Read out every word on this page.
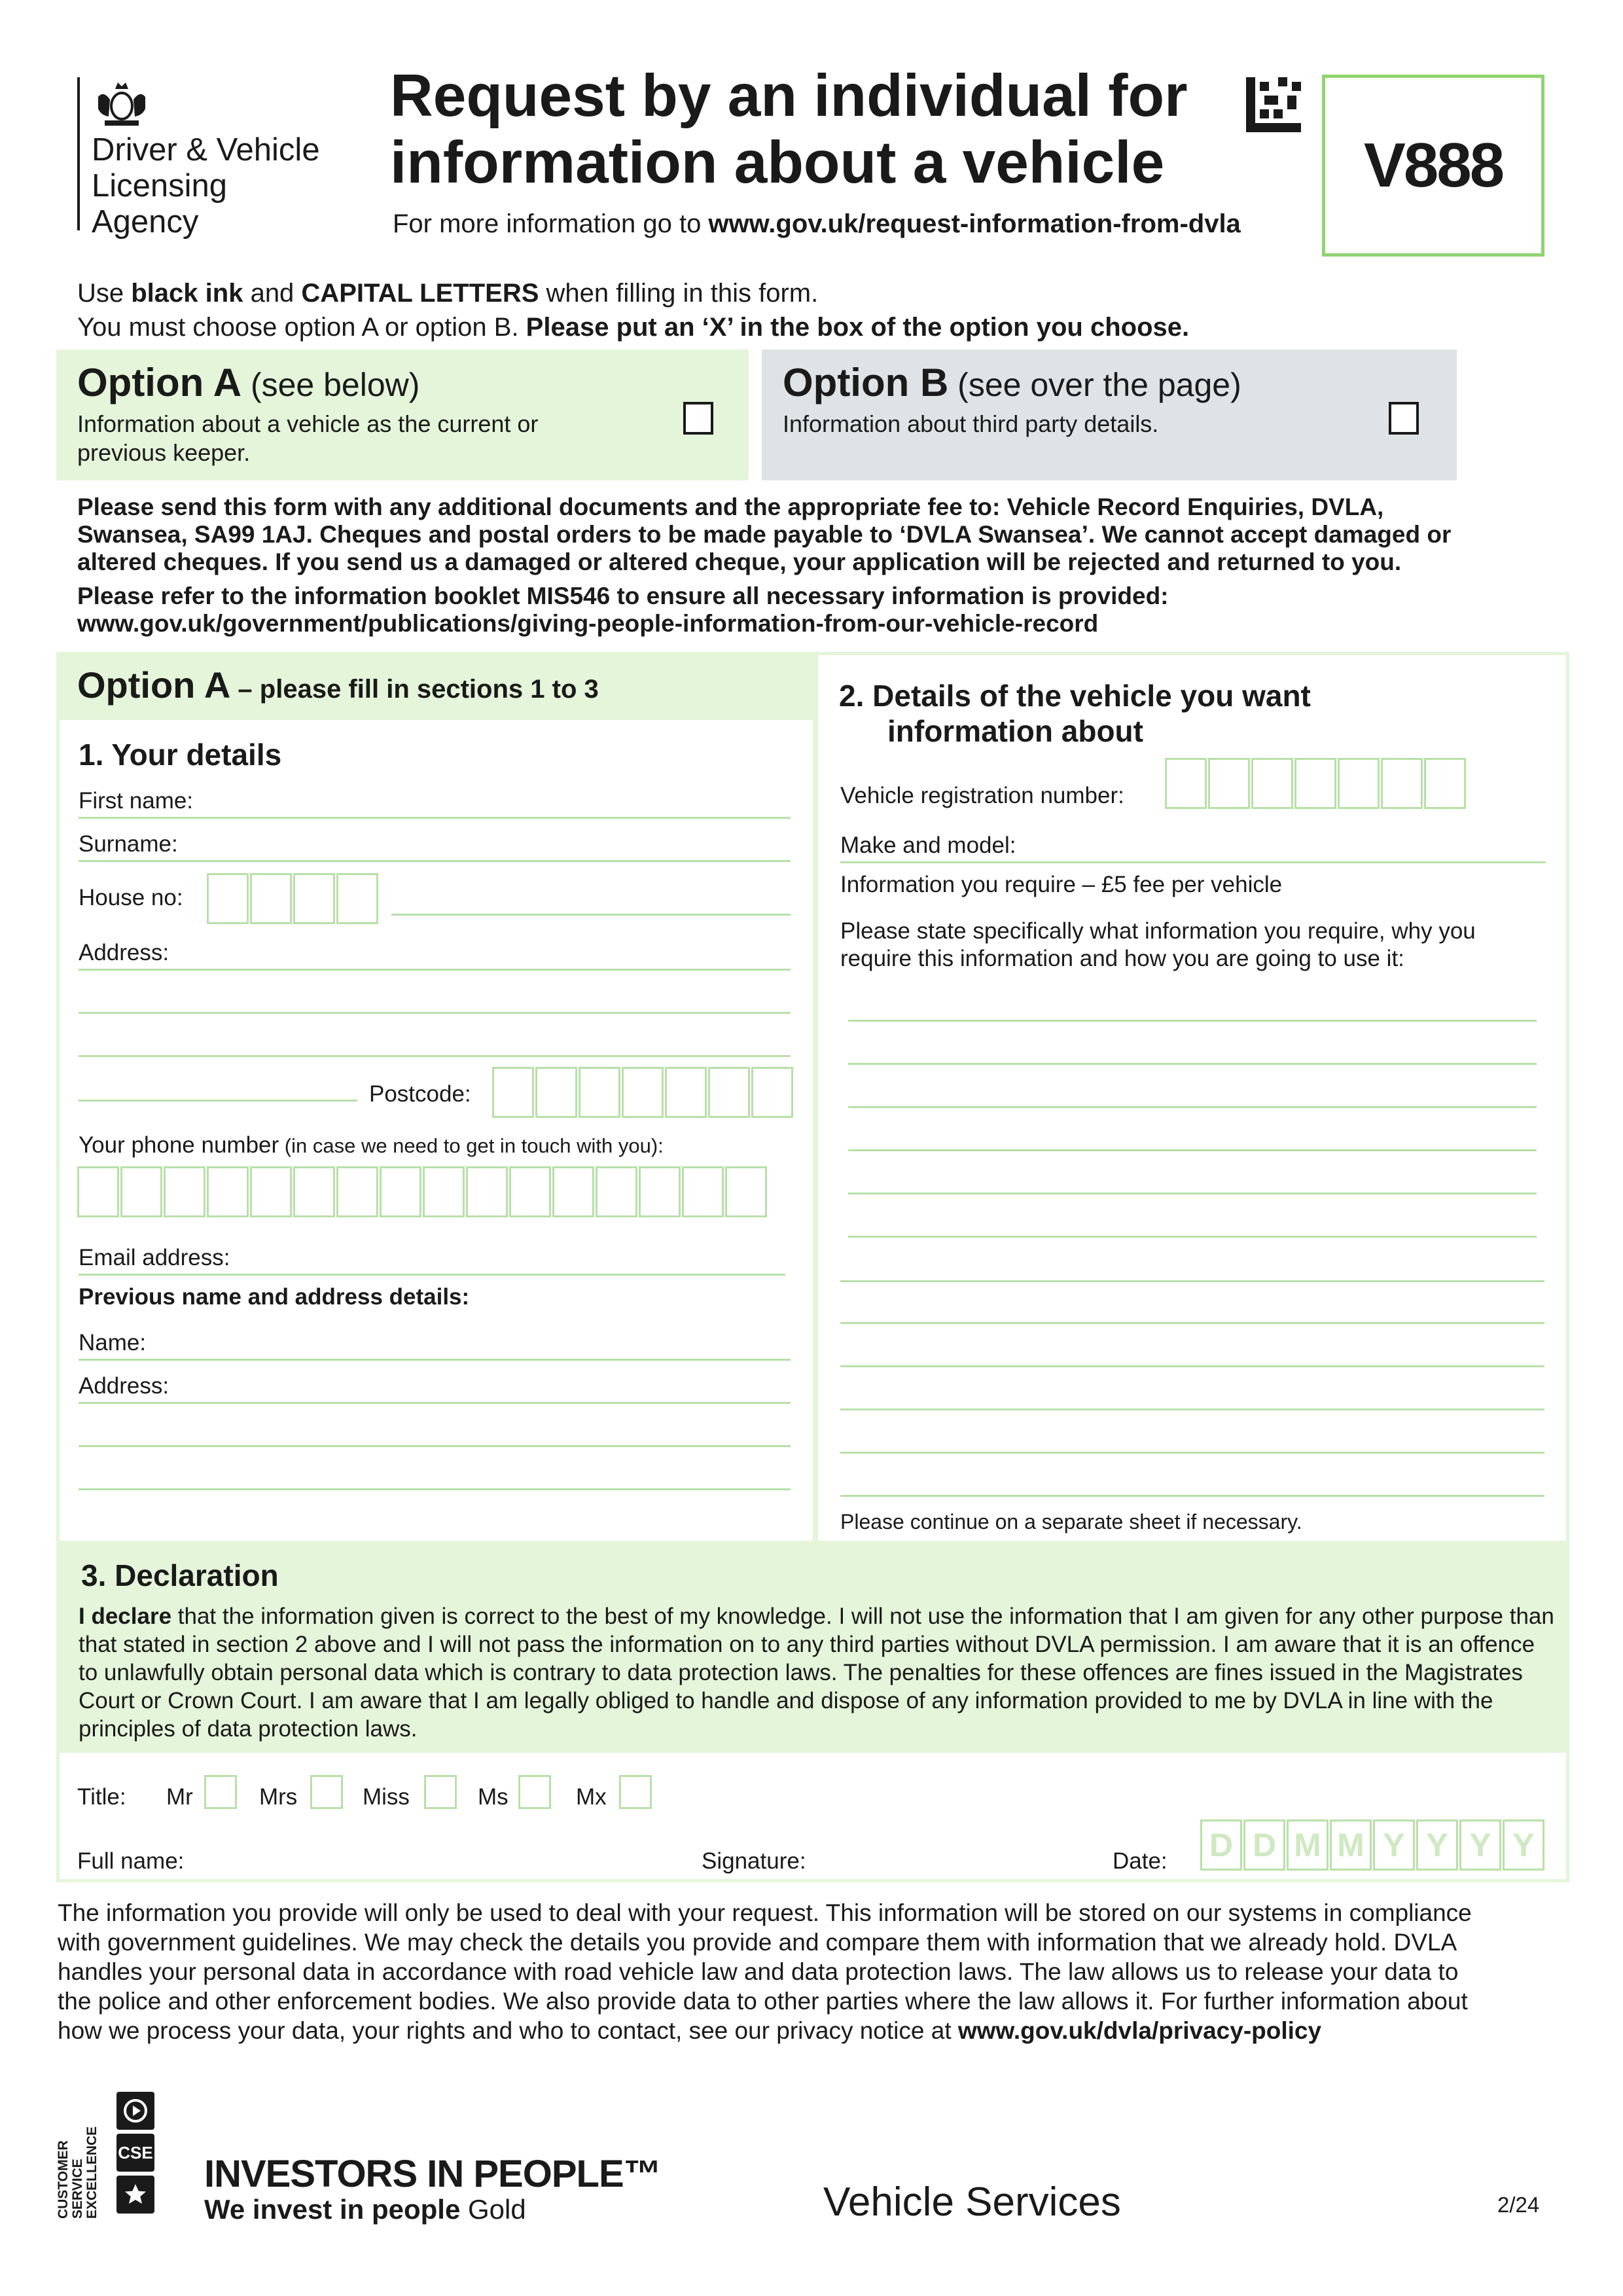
Driver & Vehicle
Licensing
Agency
Request by an individual for
information about a vehicle
For more information go to www.gov.uk/request-information-from-dvla
V888
Use black ink and CAPITAL LETTERS when filling in this form.
You must choose option A or option B. Please put an ‘X’ in the box of the option you choose.
Option A (see below)
Information about a vehicle as the current or previous keeper.
Option B (see over the page)
Information about third party details.
Please send this form with any additional documents and the appropriate fee to: Vehicle Record Enquiries, DVLA, Swansea, SA99 1AJ. Cheques and postal orders to be made payable to ‘DVLA Swansea’. We cannot accept damaged or altered cheques. If you send us a damaged or altered cheque, your application will be rejected and returned to you.
Please refer to the information booklet MIS546 to ensure all necessary information is provided:
www.gov.uk/government/publications/giving-people-information-from-our-vehicle-record
Option A – please fill in sections 1 to 3
1. Your details
First name:
Surname:
House no:
Address:
Postcode:
Your phone number (in case we need to get in touch with you):
Email address:
Previous name and address details:
Name:
Address:
2. Details of the vehicle you want
information about
Vehicle registration number:
Make and model:
Information you require – £5 fee per vehicle
Please state specifically what information you require, why you require this information and how you are going to use it:
Please continue on a separate sheet if necessary.
3. Declaration
I declare that the information given is correct to the best of my knowledge. I will not use the information that I am given for any other purpose than that stated in section 2 above and I will not pass the information on to any third parties without DVLA permission. I am aware that it is an offence to unlawfully obtain personal data which is contrary to data protection laws. The penalties for these offences are fines issued in the Magistrates Court or Crown Court. I am aware that I am legally obliged to handle and dispose of any information provided to me by DVLA in line with the principles of data protection laws.
Title: Mr	Mrs	Miss	Ms	Mx
Full name:	Signature:	Date: D D M M Y Y Y Y
The information you provide will only be used to deal with your request. This information will be stored on our systems in compliance with government guidelines. We may check the details you provide and compare them with information that we already hold. DVLA handles your personal data in accordance with road vehicle law and data protection laws. The law allows us to release your data to the police and other enforcement bodies. We also provide data to other parties where the law allows it. For further information about how we process your data, your rights and who to contact, see our privacy notice at www.gov.uk/dvla/privacy-policy
CUSTOMER SERVICE EXCELLENCE CSE
INVESTORS IN PEOPLE™
We invest in people Gold	Vehicle Services	2/24
